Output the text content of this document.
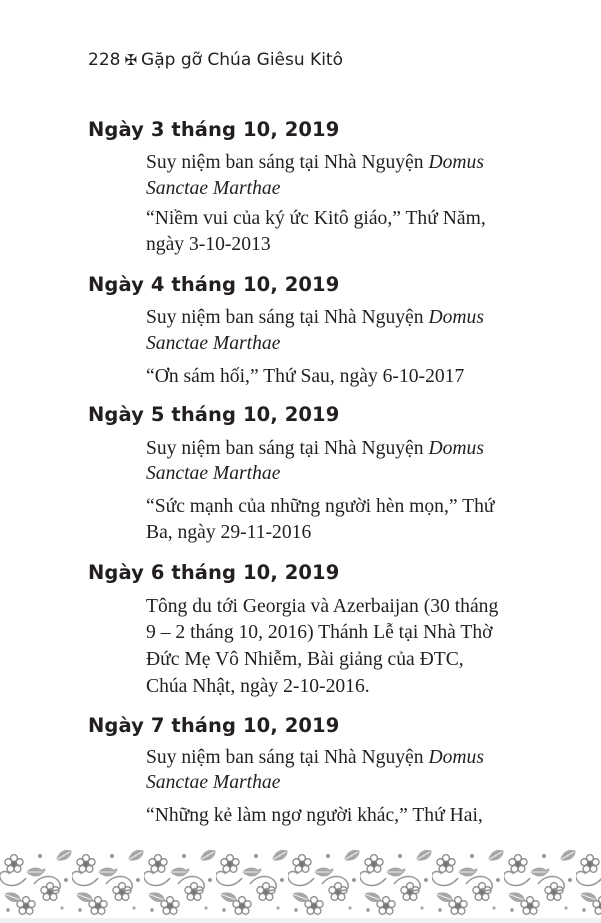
228 ✠ Gặp gỡ Chúa Giêsu Kitô
Ngày 3 tháng 10, 2019
Suy niệm ban sáng tại Nhà Nguyện Domus
Sanctae Marthae
“Niềm vui của ký ức Kitô giáo,” Thứ Năm,
ngày 3-10-2013
Ngày 4 tháng 10, 2019
Suy niệm ban sáng tại Nhà Nguyện Domus
Sanctae Marthae
“Ơn sám hối,” Thứ Sau, ngày 6-10-2017
Ngày 5 tháng 10, 2019
Suy niệm ban sáng tại Nhà Nguyện Domus
Sanctae Marthae
“Sức mạnh của những người hèn mọn,” Thứ
Ba, ngày 29-11-2016
Ngày 6 tháng 10, 2019
Tông du tới Georgia và Azerbaijan (30 tháng
9 – 2 tháng 10, 2016) Thánh Lễ tại Nhà Thờ
Đức Mẹ Vô Nhiễm, Bài giảng của ĐTC,
Chúa Nhật, ngày 2-10-2016.
Ngày 7 tháng 10, 2019
Suy niệm ban sáng tại Nhà Nguyện Domus
Sanctae Marthae
“Những kẻ làm ngơ người khác,” Thứ Hai,
